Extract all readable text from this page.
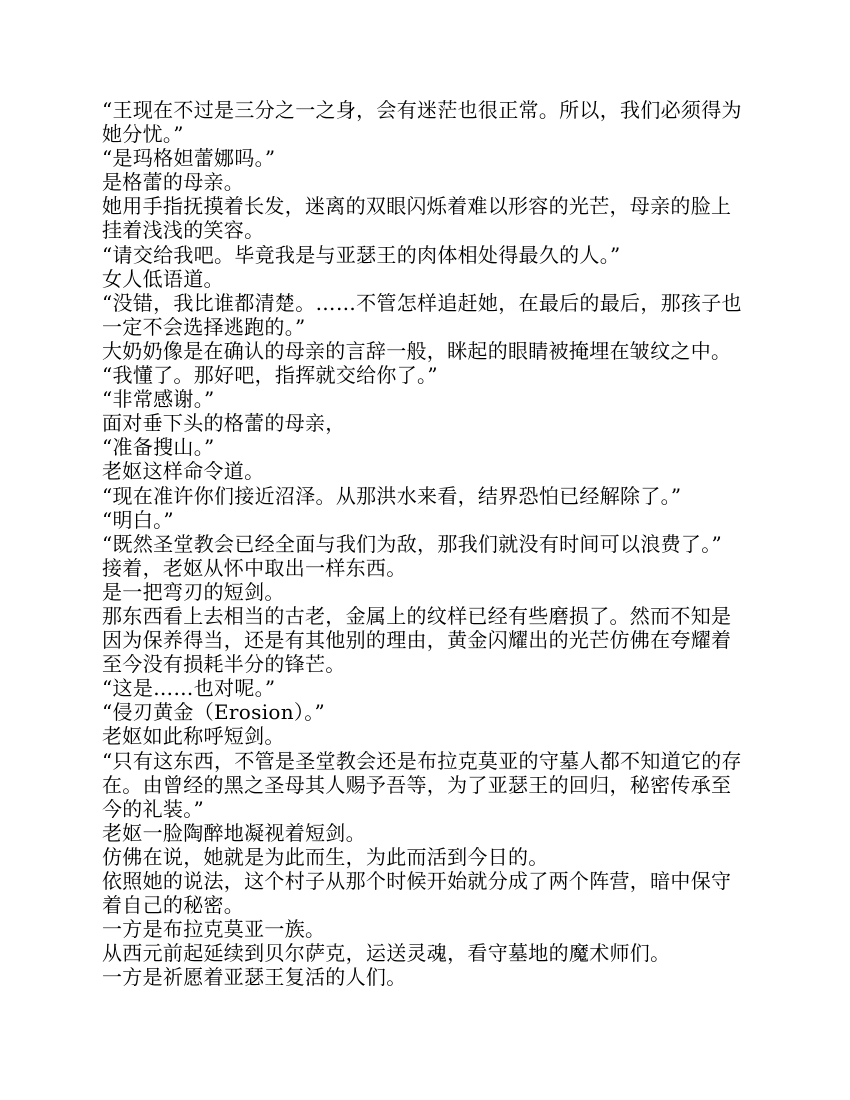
“王现在不过是三分之一之身，会有迷茫也很正常。所以，我们必须得为她分忧。”

“是玛格妲蕾娜吗。”

是格蕾的母亲。

她用手指抚摸着长发，迷离的双眼闪烁着难以形容的光芒，母亲的脸上挂着浅浅的笑容。

“请交给我吧。毕竟我是与亚瑟王的肉体相处得最久的人。”

女人低语道。

“没错，我比谁都清楚。……不管怎样追赶她，在最后的最后，那孩子也一定不会选择逃跑的。”

大奶奶像是在确认的母亲的言辞一般，眯起的眼睛被掩埋在皱纹之中。

“我懂了。那好吧，指挥就交给你了。”

“非常感谢。”

面对垂下头的格蕾的母亲，

“准备搜山。”

老妪这样命令道。

“现在准许你们接近沼泽。从那洪水来看，结界恐怕已经解除了。”

“明白。”

“既然圣堂教会已经全面与我们为敌，那我们就没有时间可以浪费了。”

接着，老妪从怀中取出一样东西。

是一把弯刃的短剑。

那东西看上去相当的古老，金属上的纹样已经有些磨损了。然而不知是因为保养得当，还是有其他别的理由，黄金闪耀出的光芒仿佛在夸耀着至今没有损耗半分的锋芒。

“这是……也对呢。”

“侵刃黄金（Erosion）。”

老妪如此称呼短剑。

“只有这东西，不管是圣堂教会还是布拉克莫亚的守墓人都不知道它的存在。由曾经的黑之圣母其人赐予吾等，为了亚瑟王的回归，秘密传承至今的礼装。”

老妪一脸陶醉地凝视着短剑。

仿佛在说，她就是为此而生，为此而活到今日的。

依照她的说法，这个村子从那个时候开始就分成了两个阵营，暗中保守着自己的秘密。

一方是布拉克莫亚一族。

从西元前起延续到贝尔萨克，运送灵魂，看守墓地的魔术师们。

一方是祈愿着亚瑟王复活的人们。
